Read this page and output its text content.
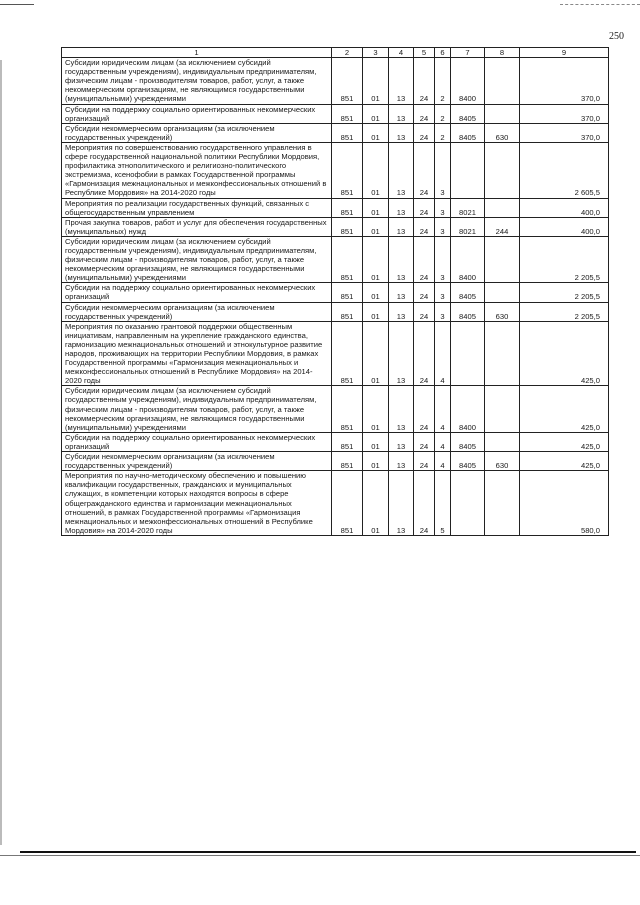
250
1	2	3	4	5	6	7	8	9
Субсидии юридическим лицам (за исключением субсидий государственным учреждениям), индивидуальным предпринимателям, физическим лицам - производителям товаров, работ, услуг, а также некоммерческим организациям, не являющимся государственными (муниципальными) учреждениями	851	01	13	24	2	8400		370,0
Субсидии на поддержку социально ориентированных некоммерческих организаций	851	01	13	24	2	8405		370,0
Субсидии некоммерческим организациям (за исключением государственных учреждений)	851	01	13	24	2	8405	630	370,0
Мероприятия по совершенствованию государственного управления в сфере государственной национальной политики Республики Мордовия, профилактика этнополитического и религиозно-политического экстремизма, ксенофобии в рамках Государственной программы «Гармонизация межнациональных и межконфессиональных отношений в Республике Мордовия» на 2014-2020 годы	851	01	13	24	3			2 605,5
Мероприятия по реализации государственных функций, связанных с общегосударственным управлением	851	01	13	24	3	8021		400,0
Прочая закупка товаров, работ и услуг для обеспечения государственных (муниципальных) нужд	851	01	13	24	3	8021	244	400,0
Субсидии юридическим лицам (за исключением субсидий государственным учреждениям), индивидуальным предпринимателям, физическим лицам - производителям товаров, работ, услуг, а также некоммерческим организациям, не являющимся государственными (муниципальными) учреждениями	851	01	13	24	3	8400		2 205,5
Субсидии на поддержку социально ориентированных некоммерческих организаций	851	01	13	24	3	8405		2 205,5
Субсидии некоммерческим организациям (за исключением государственных учреждений)	851	01	13	24	3	8405	630	2 205,5
Мероприятия по оказанию грантовой поддержки общественным инициативам, направленным на укрепление гражданского единства, гармонизацию межнациональных отношений и этнокультурное развитие народов, проживающих на территории Республики Мордовия, в рамках Государственной программы «Гармонизация межнациональных и межконфессиональных отношений в Республике Мордовия» на 2014-2020 годы	851	01	13	24	4			425,0
Субсидии юридическим лицам (за исключением субсидий государственным учреждениям), индивидуальным предпринимателям, физическим лицам - производителям товаров, работ, услуг, а также некоммерческим организациям, не являющимся государственными (муниципальными) учреждениями	851	01	13	24	4	8400		425,0
Субсидии на поддержку социально ориентированных некоммерческих организаций	851	01	13	24	4	8405		425,0
Субсидии некоммерческим организациям (за исключением государственных учреждений)	851	01	13	24	4	8405	630	425,0
Мероприятия по научно-методическому обеспечению и повышению квалификации государственных, гражданских и муниципальных служащих, в компетенции которых находятся вопросы в сфере общегражданского единства и гармонизации межнациональных отношений, в рамках Государственной программы «Гармонизация межнациональных и межконфессиональных отношений в Республике Мордовия» на 2014-2020 годы	851	01	13	24	5			580,0
